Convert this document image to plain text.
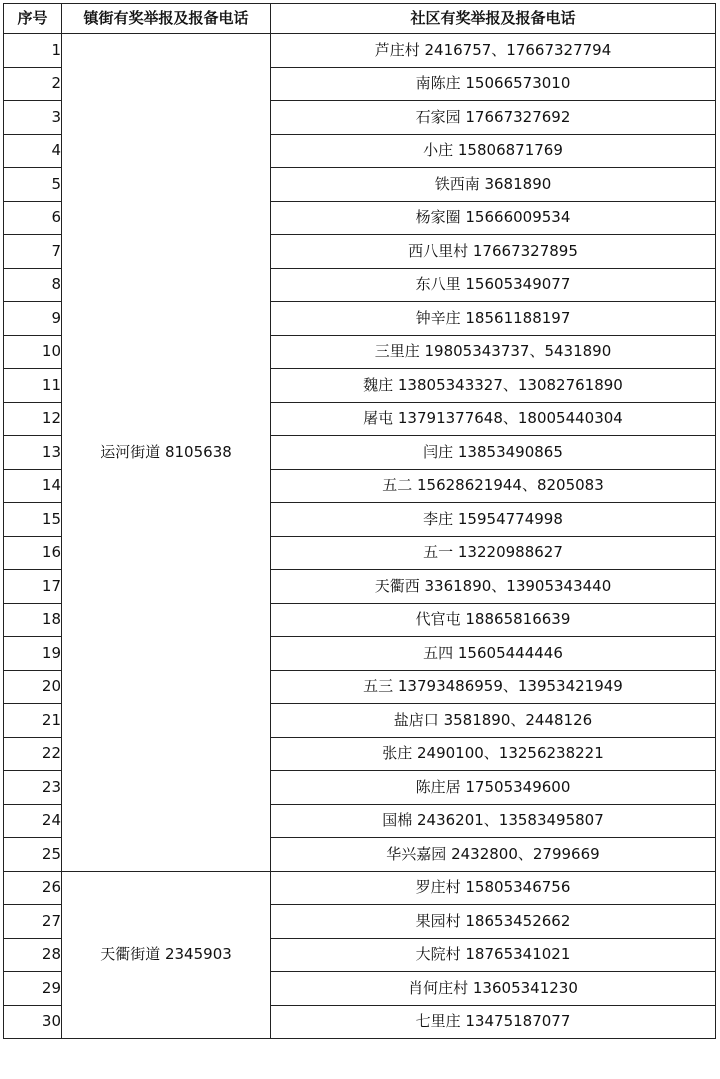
序号	镇街有奖举报及报备电话	社区有奖举报及报备电话
1	运河街道 8105638	芦庄村 2416757、17667327794
2		南陈庄 15066573010
3		石家园 17667327692
4		小庄 15806871769
5		铁西南 3681890
6		杨家圈 15666009534
7		西八里村 17667327895
8		东八里 15605349077
9		钟辛庄 18561188197
10		三里庄 19805343737、5431890
11		魏庄 13805343327、13082761890
12		屠屯 13791377648、18005440304
13		闫庄 13853490865
14		五二 15628621944、8205083
15		李庄 15954774998
16		五一 13220988627
17		天衢西 3361890、13905343440
18		代官屯 18865816639
19		五四 15605444446
20		五三 13793486959、13953421949
21		盐店口 3581890、2448126
22		张庄 2490100、13256238221
23		陈庄居 17505349600
24		国棉 2436201、13583495807
25		华兴嘉园 2432800、2799669
26	天衢街道 2345903	罗庄村 15805346756
27		果园村 18653452662
28		大院村 18765341021
29		肖何庄村 13605341230
30		七里庄 13475187077
